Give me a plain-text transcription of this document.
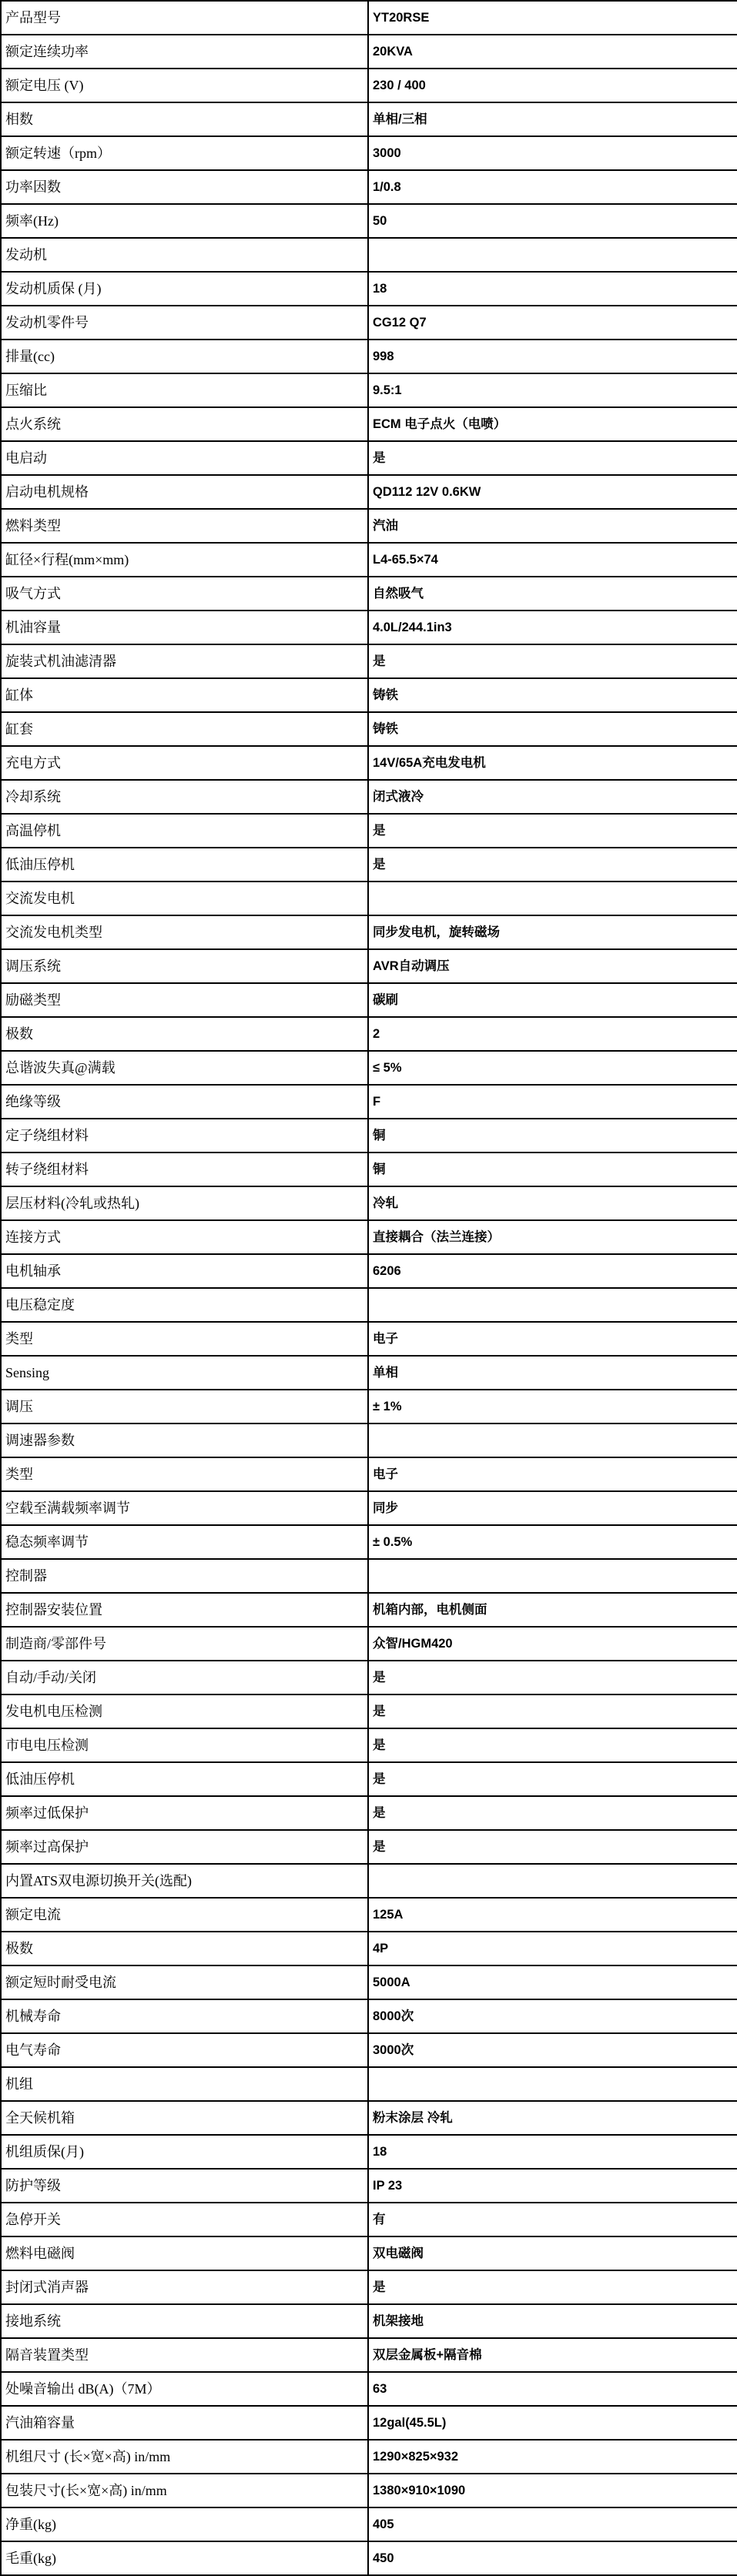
产品型号	YT20RSE
额定连续功率	20KVA
额定电压 (V)	230 / 400
相数	单相/三相
额定转速（rpm）	3000
功率因数	1/0.8
频率(Hz)	50
发动机	
发动机质保 (月)	18
发动机零件号	CG12 Q7
排量(cc)	998
压缩比	9.5:1
点火系统	ECM 电子点火（电喷）
电启动	是
启动电机规格	QD112 12V 0.6KW
燃料类型	汽油
缸径×行程(mm×mm)	L4-65.5×74
吸气方式	自然吸气
机油容量	4.0L/244.1in3
旋装式机油滤清器	是
缸体	铸铁
缸套	铸铁
充电方式	14V/65A充电发电机
冷却系统	闭式液冷
高温停机	是
低油压停机	是
交流发电机	
交流发电机类型	同步发电机，旋转磁场
调压系统	AVR自动调压
励磁类型	碳刷
极数	2
总谐波失真@满载	≤ 5%
绝缘等级	F
定子绕组材料	铜
转子绕组材料	铜
层压材料(冷轧或热轧)	冷轧
连接方式	直接耦合（法兰连接）
电机轴承	6206
电压稳定度	
类型	电子
Sensing	单相
调压	± 1%
调速器参数	
类型	电子
空载至满载频率调节	同步
稳态频率调节	± 0.5%
控制器	
控制器安装位置	机箱内部，电机侧面
制造商/零部件号	众智/HGM420
自动/手动/关闭	是
发电机电压检测	是
市电电压检测	是
低油压停机	是
频率过低保护	是
频率过高保护	是
内置ATS双电源切换开关(选配)	
额定电流	125A
极数	4P
额定短时耐受电流	5000A
机械寿命	8000次
电气寿命	3000次
机组	
全天候机箱	粉末涂层 冷轧
机组质保(月)	18
防护等级	IP 23
急停开关	有
燃料电磁阀	双电磁阀
封闭式消声器	是
接地系统	机架接地
隔音装置类型	双层金属板+隔音棉
处噪音输出 dB(A)（7M）	63
汽油箱容量	12gal(45.5L)
机组尺寸 (长×宽×高) in/mm	1290×825×932
包装尺寸(长×宽×高) in/mm	1380×910×1090
净重(kg)	405
毛重(kg)	450
